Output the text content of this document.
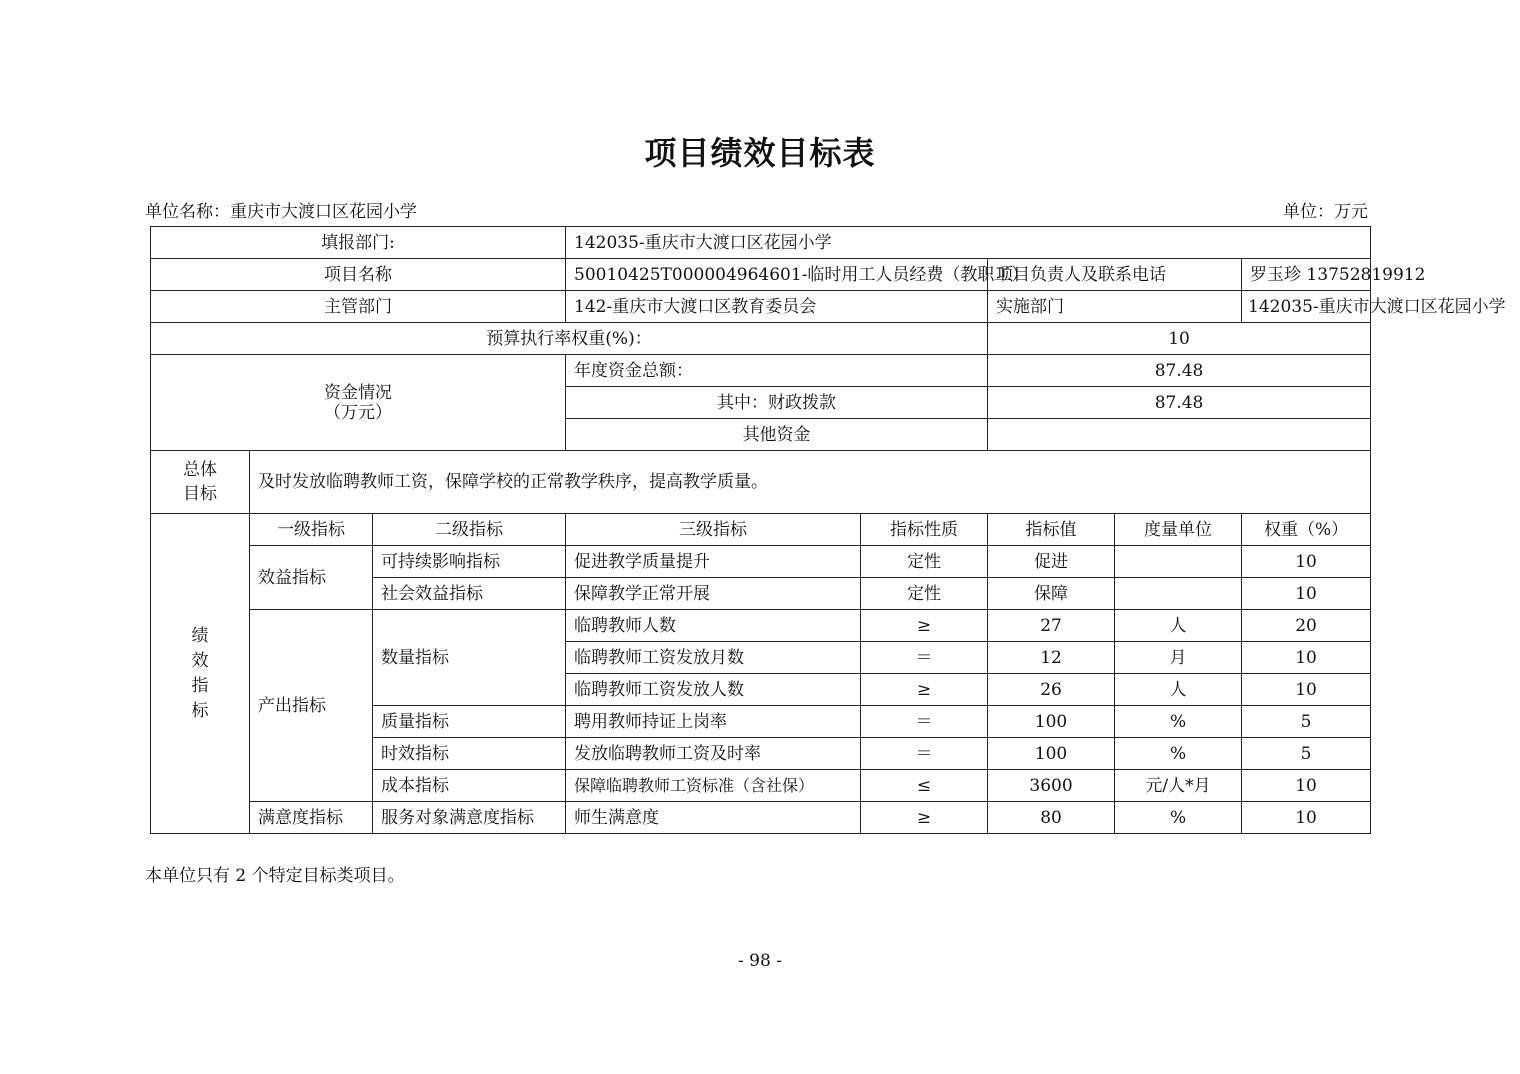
项目绩效目标表
单位名称：重庆市大渡口区花园小学	单位：万元
填报部门:			142035-重庆市大渡口区花园小学				
项目名称			50010425T000004964601-临时用工人员经费（教职工）		项目负责人及联系电话		罗玉珍 13752819912
主管部门			142-重庆市大渡口区教育委员会		实施部门		142035-重庆市大渡口区花园小学
预算执行率权重(%)：					10		

资金情况
（万元）			年度资金总额：		87.48		
			其中：财政拨款		87.48		
			其他资金				

总体
目标	及时发放临聘教师工资，保障学校的正常教学秩序，提高教学质量。						

绩
效
指
标	一级指标	二级指标	三级指标	指标性质	指标值	度量单位	权重（%）
	效益指标	可持续影响指标	促进教学质量提升	定性	促进		10
		社会效益指标	保障教学正常开展	定性	保障		10
	产出指标	数量指标	临聘教师人数	≥	27	人	20
			临聘教师工资发放月数	＝	12	月	10
			临聘教师工资发放人数	≥	26	人	10
		质量指标	聘用教师持证上岗率	＝	100	%	5
		时效指标	发放临聘教师工资及时率	＝	100	%	5
		成本指标	保障临聘教师工资标准（含社保）	≤	3600	元/人*月	10
	满意度指标	服务对象满意度指标	师生满意度	≥	80	%	10
本单位只有 2 个特定目标类项目。
- 98 -
